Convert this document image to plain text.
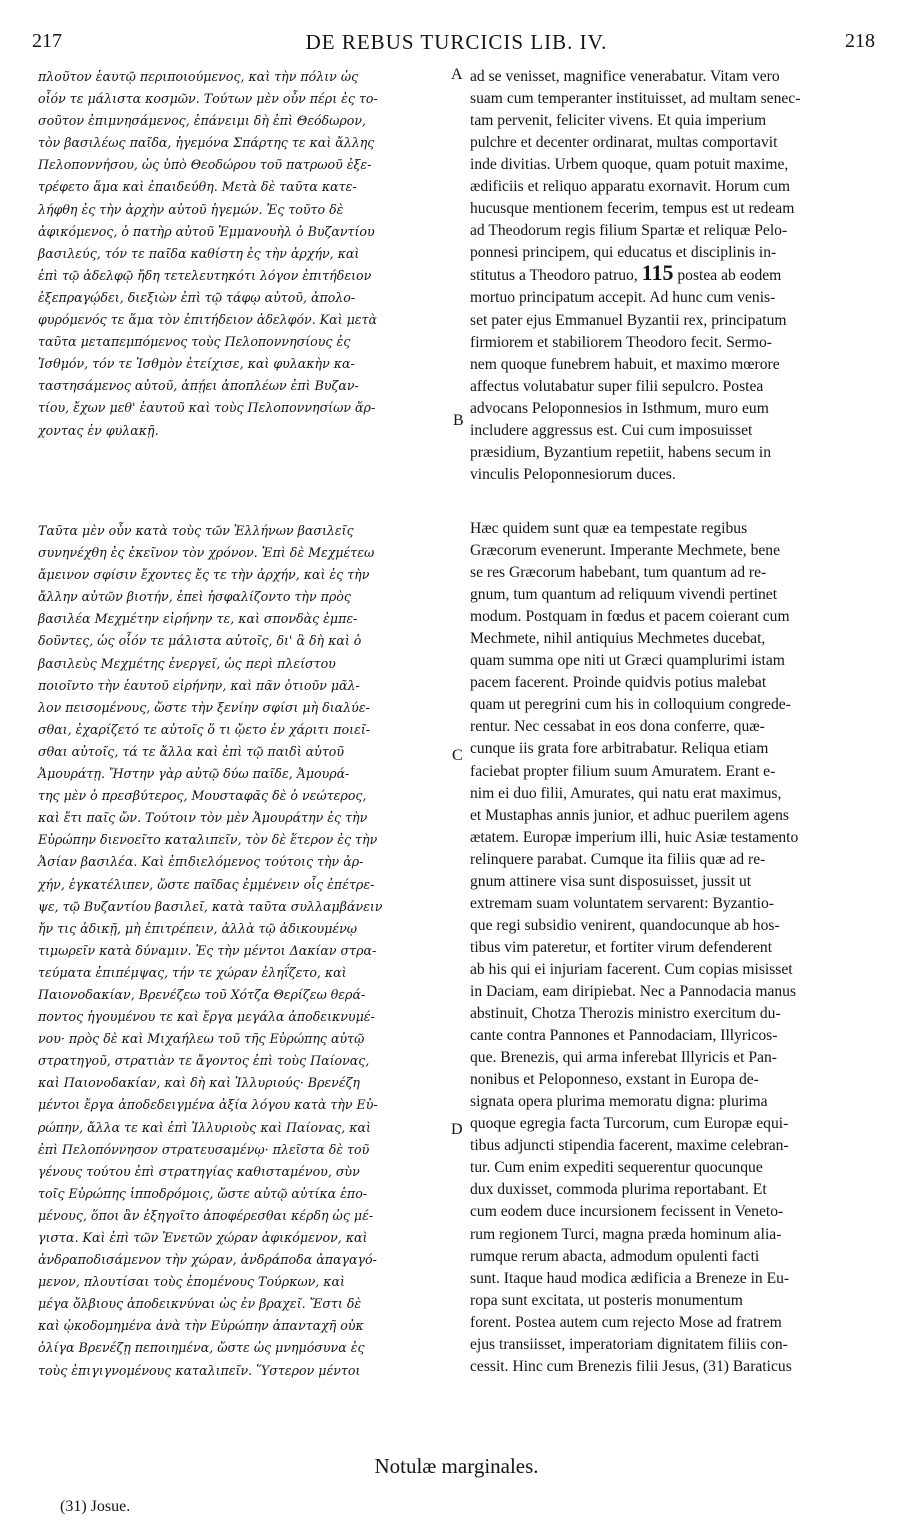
217	DE REBUS TURCICIS LIB. IV.	218

πλοῦτον ἑαυτῷ περιποιούμενος, καὶ τὴν πόλιν ὡς
οἷόν τε μάλιστα κοσμῶν. Τούτων μὲν οὖν πέρι ἐς το-
σοῦτον ἐπιμνησάμενος, ἐπάνειμι δὴ ἐπὶ Θεόδωρον,
τὸν βασιλέως παῖδα, ἡγεμόνα Σπάρτης τε καὶ ἄλλης
Πελοποννήσου, ὡς ὑπὸ Θεοδώρου τοῦ πατρωοῦ ἐξε-
τρέφετο ἅμα καὶ ἐπαιδεύθη. Μετὰ δὲ ταῦτα κατε-
λήφθη ἐς τὴν ἀρχὴν αὐτοῦ ἡγεμών. Ἐς τοῦτο δὲ
ἀφικόμενος, ὁ πατὴρ αὐτοῦ Ἐμμανουὴλ ὁ Βυζαντίου
βασιλεύς, τόν τε παῖδα καθίστη ἐς τὴν ἀρχήν, καὶ
ἐπὶ τῷ ἀδελφῷ ἤδη τετελευτηκότι λόγον ἐπιτήδειον
ἐξεπραγῴδει, διεξιὼν ἐπὶ τῷ τάφῳ αὐτοῦ, ἀπολο-
φυρόμενός τε ἅμα τὸν ἐπιτήδειον ἀδελφόν. Καὶ μετὰ
ταῦτα μεταπεμπόμενος τοὺς Πελοποννησίους ἐς
Ἰσθμόν, τόν τε Ἰσθμὸν ἐτείχισε, καὶ φυλακὴν κα-
ταστησάμενος αὐτοῦ, ἀπῄει ἀποπλέων ἐπὶ Βυζαν-
τίου, ἔχων μεθ' ἑαυτοῦ καὶ τοὺς Πελοποννησίων ἄρ-
χοντας ἐν φυλακῇ.

Ταῦτα μὲν οὖν κατὰ τοὺς τῶν Ἑλλήνων βασιλεῖς
συνηνέχθη ἐς ἐκεῖνον τὸν χρόνον. Ἐπὶ δὲ Μεχμέτεω
ἄμεινον σφίσιν ἔχοντες ἔς τε τὴν ἀρχήν, καὶ ἐς τὴν
ἄλλην αὐτῶν βιοτήν, ἐπεὶ ἠσφαλίζοντο τὴν πρὸς
βασιλέα Μεχμέτην εἰρήνην τε, καὶ σπονδὰς ἐμπε-
δοῦντες, ὡς οἷόν τε μάλιστα αὐτοῖς, δι' ἃ δὴ καὶ ὁ
βασιλεὺς Μεχμέτης ἐνεργεῖ, ὡς περὶ πλείστου
ποιοῖντο τὴν ἑαυτοῦ εἰρήνην, καὶ πᾶν ὁτιοῦν μᾶλ-
λον πεισομένους, ὥστε τὴν ξενίην σφίσι μὴ διαλύε-
σθαι, ἐχαρίζετό τε αὐτοῖς ὅ τι ᾤετο ἐν χάριτι ποιεῖ-
σθαι αὐτοῖς, τά τε ἄλλα καὶ ἐπὶ τῷ παιδὶ αὐτοῦ
Ἀμουράτῃ. Ἤστην γὰρ αὐτῷ δύω παῖδε, Ἀμουρά-
της μὲν ὁ πρεσβύτερος, Μουσταφᾶς δὲ ὁ νεώτερος,
καὶ ἔτι παῖς ὤν. Τούτοιν τὸν μὲν Ἀμουράτην ἐς τὴν
Εὐρώπην διενοεῖτο καταλιπεῖν, τὸν δὲ ἕτερον ἐς τὴν
Ἀσίαν βασιλέα. Καὶ ἐπιδιελόμενος τούτοις τὴν ἀρ-
χήν, ἐγκατέλιπεν, ὥστε παῖδας ἐμμένειν οἷς ἐπέτρε-
ψε, τῷ Βυζαντίου βασιλεῖ, κατὰ ταῦτα συλλαμβάνειν
ἤν τις ἀδικῇ, μὴ ἐπιτρέπειν, ἀλλὰ τῷ ἀδικουμένῳ
τιμωρεῖν κατὰ δύναμιν. Ἐς τὴν μέντοι Δακίαν στρα-
τεύματα ἐπιπέμψας, τήν τε χώραν ἐληΐζετο, καὶ
Παιονοδακίαν, Βρενέζεω τοῦ Χότζα Θερίζεω θερά-
ποντος ἡγουμένου τε καὶ ἔργα μεγάλα ἀποδεικνυμέ-
νου· πρὸς δὲ καὶ Μιχαήλεω τοῦ τῆς Εὐρώπης αὐτῷ
στρατηγοῦ, στρατιὰν τε ἄγοντος ἐπὶ τοὺς Παίονας,
καὶ Παιονοδακίαν, καὶ δὴ καὶ Ἰλλυριούς· Βρενέζη
μέντοι ἔργα ἀποδεδειγμένα ἀξία λόγου κατὰ τὴν Εὐ-
ρώπην, ἄλλα τε καὶ ἐπὶ Ἰλλυριοὺς καὶ Παίονας, καὶ
ἐπὶ Πελοπόννησον στρατευσαμένῳ· πλεῖστα δὲ τοῦ
γένους τούτου ἐπὶ στρατηγίας καθισταμένου, σὺν
τοῖς Εὐρώπης ἱπποδρόμοις, ὥστε αὐτῷ αὐτίκα ἑπο-
μένους, ὅποι ἂν ἐξηγοῖτο ἀποφέρεσθαι κέρδη ὡς μέ-
γιστα. Καὶ ἐπὶ τῶν Ἐνετῶν χώραν ἀφικόμενον, καὶ
ἀνδραποδισάμενον τὴν χώραν, ἀνδράποδα ἀπαγαγό-
μενον, πλουτίσαι τοὺς ἑπομένους Τούρκων, καὶ
μέγα ὄλβιους ἀποδεικνύναι ὡς ἐν βραχεῖ. Ἔστι δὲ
καὶ ᾠκοδομημένα ἀνὰ τὴν Εὐρώπην ἁπανταχῆ οὐκ
ὀλίγα Βρενέζῃ πεποιημένα, ὥστε ὡς μνημόσυνα ἐς
τοὺς ἐπιγιγνομένους καταλιπεῖν. Ὕστερον μέντοι

A
B
C
D

ad se venisset, magnifice venerabatur. Vitam vero
suam cum temperanter instituisset, ad multam senec-
tam pervenit, feliciter vivens. Et quia imperium
pulchre et decenter ordinarat, multas comportavit
inde divitias. Urbem quoque, quam potuit maxime,
ædificiis et reliquo apparatu exornavit. Horum cum
hucusque mentionem fecerim, tempus est ut redeam
ad Theodorum regis filium Spartæ et reliquæ Pelo-
ponnesi principem, qui educatus et disciplinis in-
stitutus a Theodoro patruo, 115 postea ab eodem
mortuo principatum accepit. Ad hunc cum venis-
set pater ejus Emmanuel Byzantii rex, principatum
firmiorem et stabiliorem Theodoro fecit. Sermo-
nem quoque funebrem habuit, et maximo mœrore
affectus volutabatur super filii sepulcro. Postea
advocans Peloponnesios in Isthmum, muro eum
includere aggressus est. Cui cum imposuisset
præsidium, Byzantium repetiit, habens secum in
vinculis Peloponnesiorum duces.

Hæc quidem sunt quæ ea tempestate regibus
Græcorum evenerunt. Imperante Mechmete, bene
se res Græcorum habebant, tum quantum ad re-
gnum, tum quantum ad reliquum vivendi pertinet
modum. Postquam in fœdus et pacem coierant cum
Mechmete, nihil antiquius Mechmetes ducebat,
quam summa ope niti ut Græci quamplurimi istam
pacem facerent. Proinde quidvis potius malebat
quam ut peregrini cum his in colloquium congrede-
rentur. Nec cessabat in eos dona conferre, quæ-
cunque iis grata fore arbitrabatur. Reliqua etiam
faciebat propter filium suum Amuratem. Erant e-
nim ei duo filii, Amurates, qui natu erat maximus,
et Mustaphas annis junior, et adhuc puerilem agens
ætatem. Europæ imperium illi, huic Asiæ testamento
relinquere parabat. Cumque ita filiis quæ ad re-
gnum attinere visa sunt disposuisset, jussit ut
extremam suam voluntatem servarent: Byzantio-
que regi subsidio venirent, quandocunque ab hos-
tibus vim pateretur, et fortiter virum defenderent
ab his qui ei injuriam facerent. Cum copias misisset
in Daciam, eam diripiebat. Nec a Pannodacia manus
abstinuit, Chotza Therozis ministro exercitum du-
cante contra Pannones et Pannodaciam, Illyricos-
que. Brenezis, qui arma inferebat Illyricis et Pan-
nonibus et Peloponneso, exstant in Europa de-
signata opera plurima memoratu digna: plurima
quoque egregia facta Turcorum, cum Europæ equi-
tibus adjuncti stipendia facerent, maxime celebran-
tur. Cum enim expediti sequerentur quocunque
dux duxisset, commoda plurima reportabant. Et
cum eodem duce incursionem fecissent in Veneto-
rum regionem Turci, magna præda hominum alia-
rumque rerum abacta, admodum opulenti facti
sunt. Itaque haud modica ædificia a Breneze in Eu-
ropa sunt excitata, ut posteris monumentum
forent. Postea autem cum rejecto Mose ad fratrem
ejus transiisset, imperatoriam dignitatem filiis con-
cessit. Hinc cum Brenezis filii Jesus, (31) Baraticus

Notulæ marginales.
(31) Josue.
